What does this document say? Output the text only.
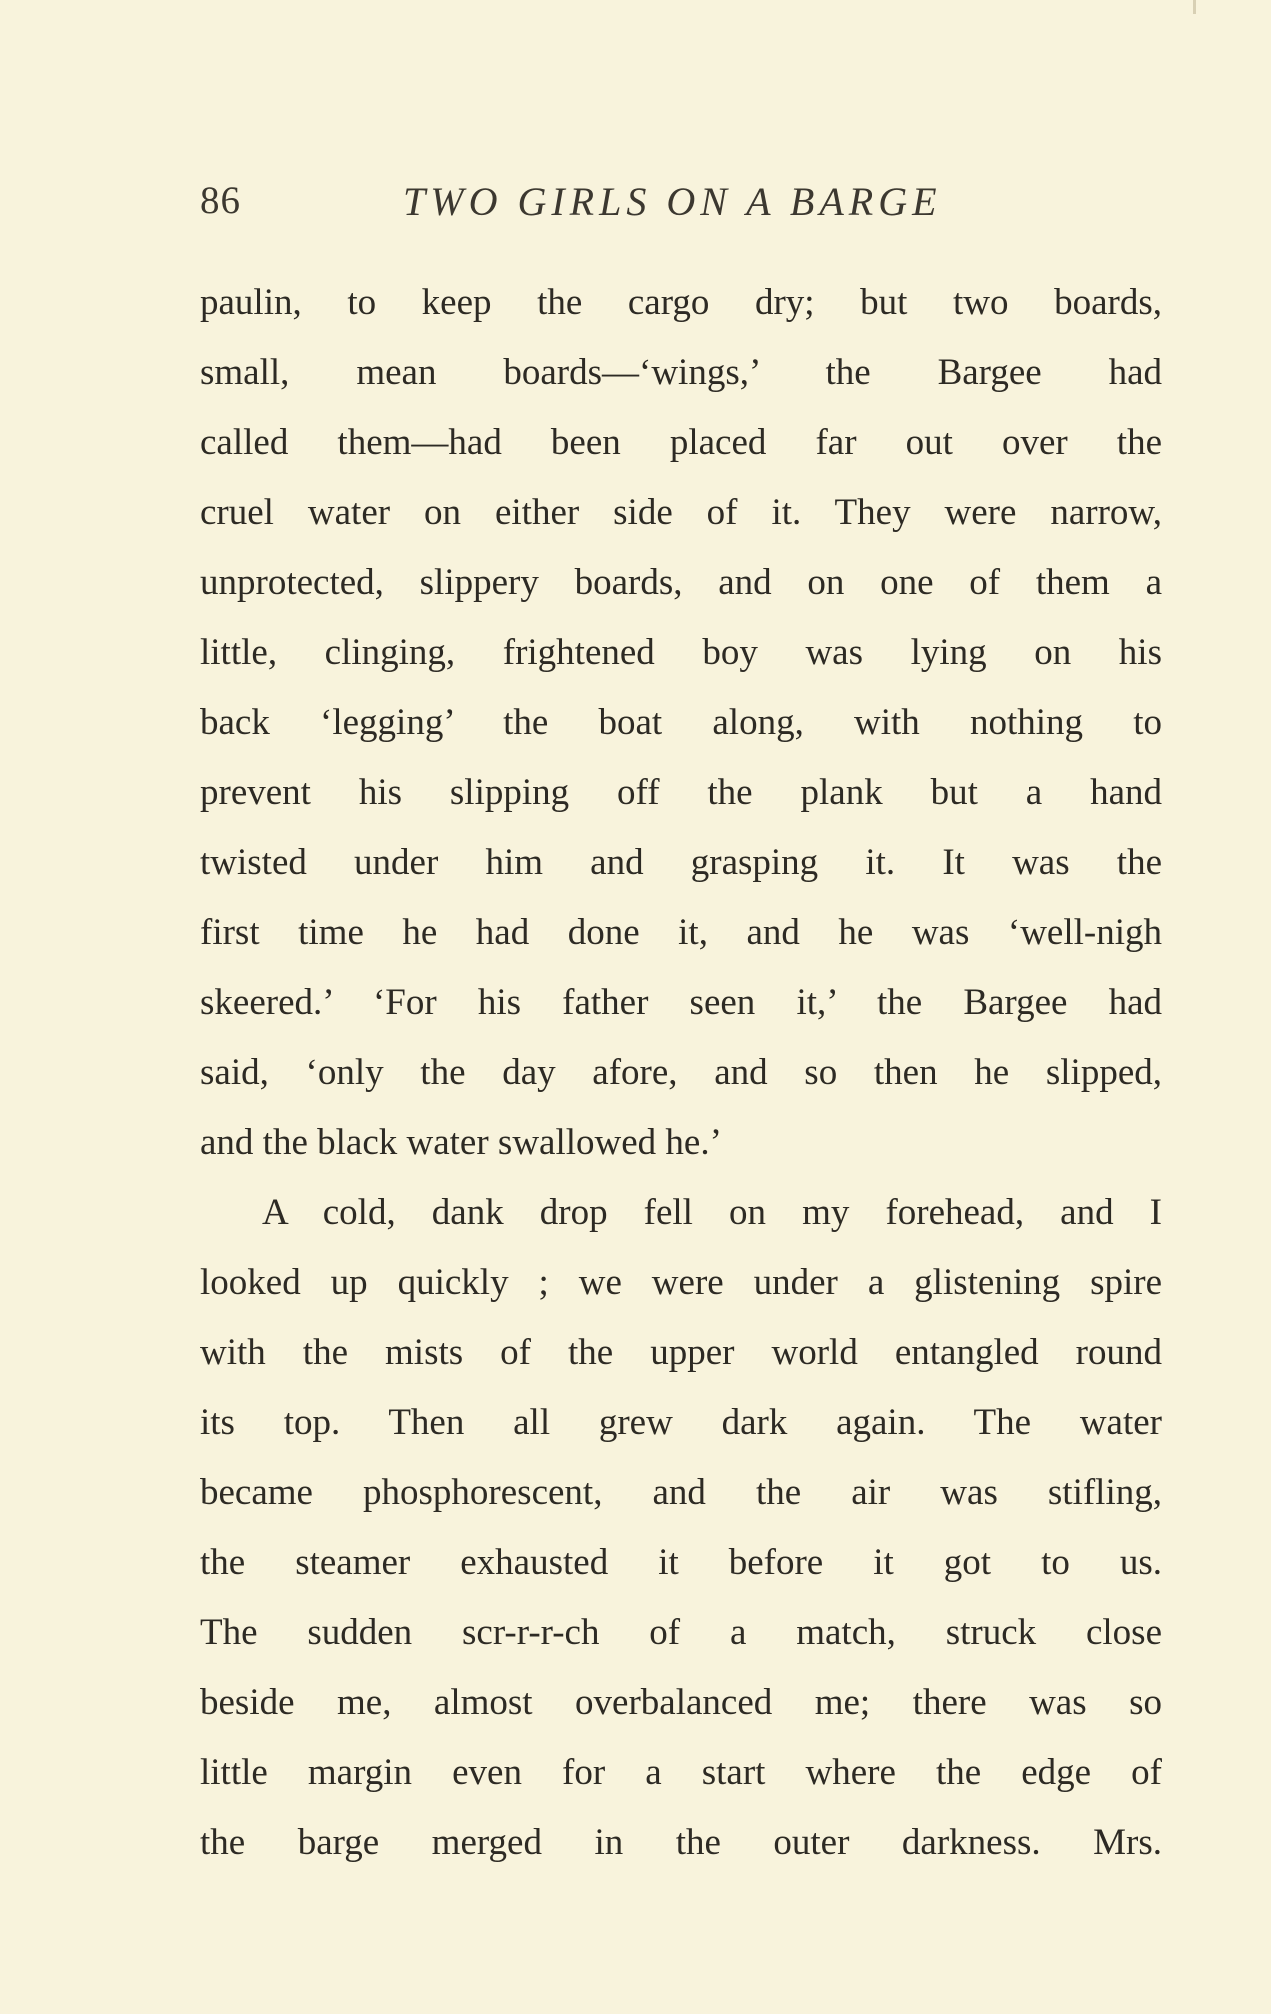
86	TWO GIRLS ON A BARGE
paulin, to keep the cargo dry; but two boards,
small, mean boards—‘wings,’ the Bargee had
called them—had been placed far out over the
cruel water on either side of it. They were narrow,
unprotected, slippery boards, and on one of them a
little, clinging, frightened boy was lying on his
back ‘legging’ the boat along, with nothing to
prevent his slipping off the plank but a hand
twisted under him and grasping it. It was the
first time he had done it, and he was ‘well-nigh
skeered.’ ‘For his father seen it,’ the Bargee had
said, ‘only the day afore, and so then he slipped,
and the black water swallowed he.’
A cold, dank drop fell on my forehead, and I
looked up quickly ; we were under a glistening spire
with the mists of the upper world entangled round
its top. Then all grew dark again. The water
became phosphorescent, and the air was stifling,
the steamer exhausted it before it got to us.
The sudden scr-r-r-ch of a match, struck close
beside me, almost overbalanced me; there was so
little margin even for a start where the edge of
the barge merged in the outer darkness. Mrs.
